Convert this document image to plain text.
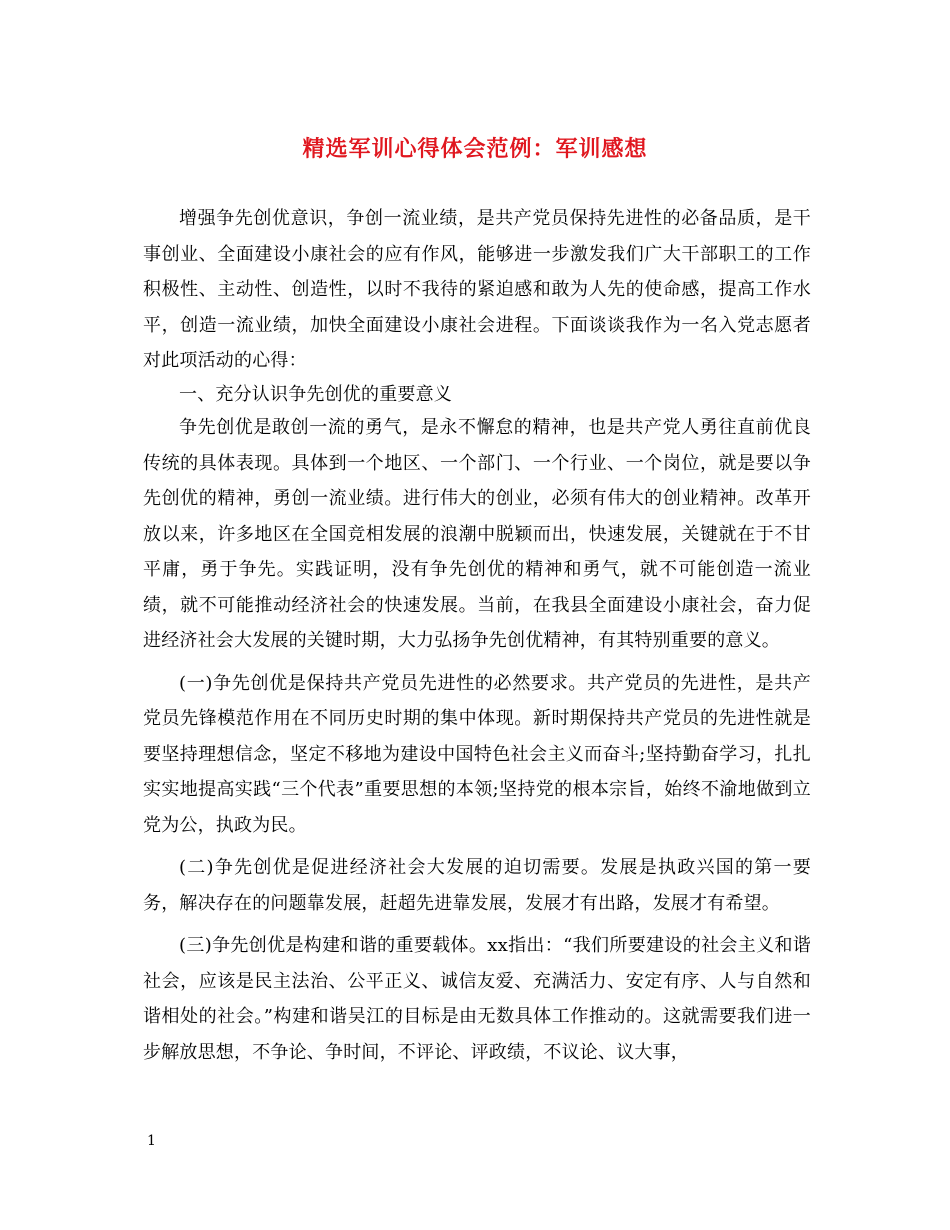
精选军训心得体会范例：军训感想

增强争先创优意识，争创一流业绩，是共产党员保持先进性的必备品质，是干事创业、全面建设小康社会的应有作风，能够进一步激发我们广大干部职工的工作积极性、主动性、创造性，以时不我待的紧迫感和敢为人先的使命感，提高工作水平，创造一流业绩，加快全面建设小康社会进程。下面谈谈我作为一名入党志愿者对此项活动的心得：

一、充分认识争先创优的重要意义

争先创优是敢创一流的勇气，是永不懈怠的精神，也是共产党人勇往直前优良传统的具体表现。具体到一个地区、一个部门、一个行业、一个岗位，就是要以争先创优的精神，勇创一流业绩。进行伟大的创业，必须有伟大的创业精神。改革开放以来，许多地区在全国竞相发展的浪潮中脱颖而出，快速发展，关键就在于不甘平庸，勇于争先。实践证明，没有争先创优的精神和勇气，就不可能创造一流业绩，就不可能推动经济社会的快速发展。当前，在我县全面建设小康社会，奋力促进经济社会大发展的关键时期，大力弘扬争先创优精神，有其特别重要的意义。

(一)争先创优是保持共产党员先进性的必然要求。共产党员的先进性，是共产党员先锋模范作用在不同历史时期的集中体现。新时期保持共产党员的先进性就是要坚持理想信念，坚定不移地为建设中国特色社会主义而奋斗;坚持勤奋学习，扎扎实实地提高实践“三个代表”重要思想的本领;坚持党的根本宗旨，始终不渝地做到立党为公，执政为民。

(二)争先创优是促进经济社会大发展的迫切需要。发展是执政兴国的第一要务，解决存在的问题靠发展，赶超先进靠发展，发展才有出路，发展才有希望。

(三)争先创优是构建和谐的重要载体。xx指出：“我们所要建设的社会主义和谐社会，应该是民主法治、公平正义、诚信友爱、充满活力、安定有序、人与自然和谐相处的社会。”构建和谐吴江的目标是由无数具体工作推动的。这就需要我们进一步解放思想，不争论、争时间，不评论、评政绩，不议论、议大事，

1
